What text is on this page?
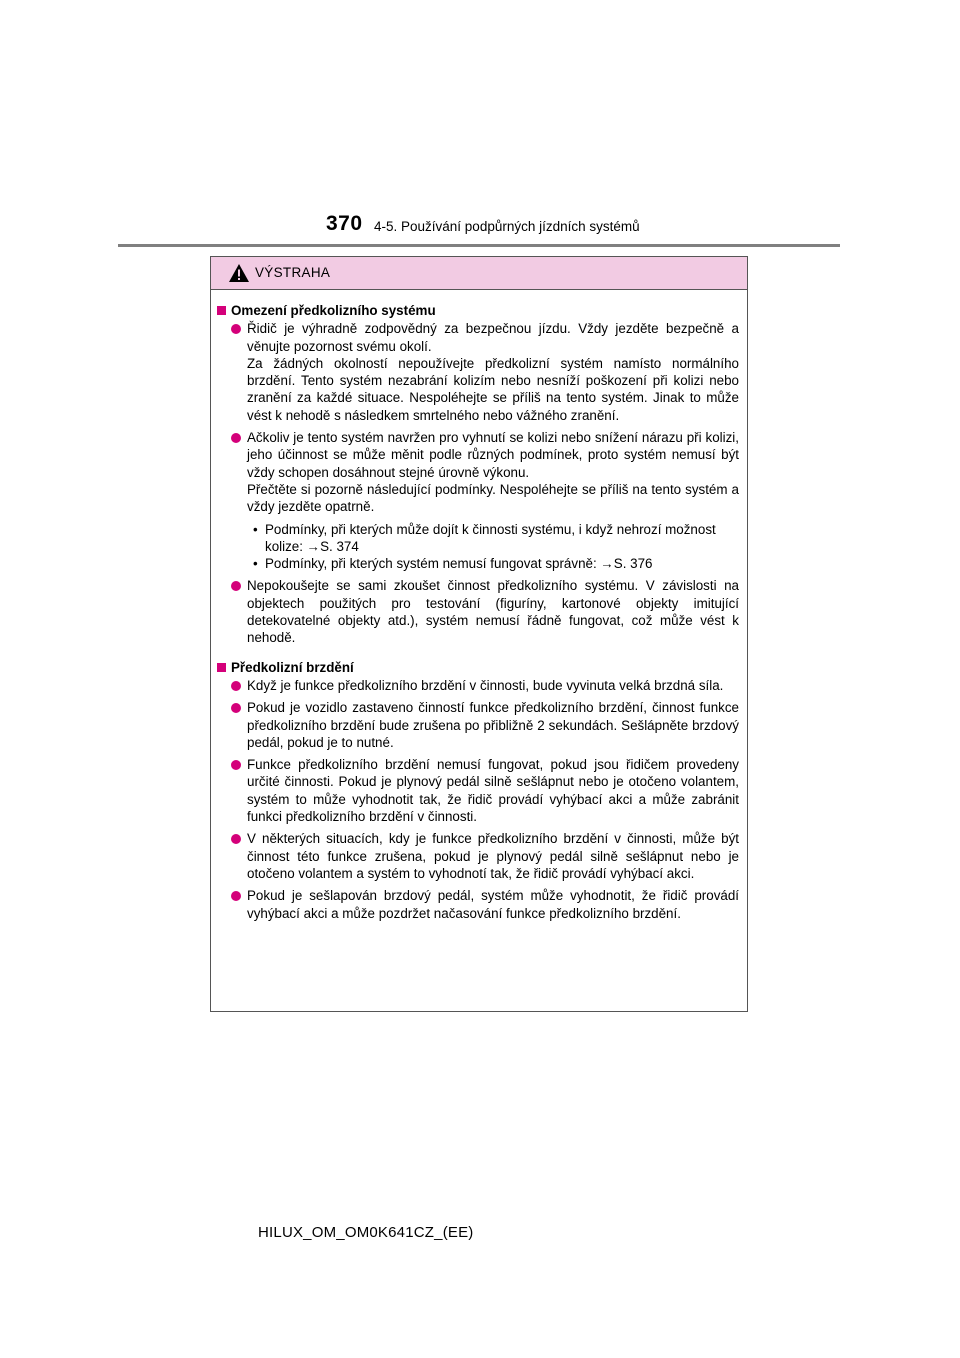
370 4-5. Používání podpůrných jízdních systémů
VÝSTRAHA
Omezení předkolizního systému

Řidič je výhradně zodpovědný za bezpečnou jízdu. Vždy jezděte bezpečně a věnujte pozornost svému okolí.

Za žádných okolností nepoužívejte předkolizní systém namísto normálního brzdění. Tento systém nezabrání kolizím nebo nesníží poškození při kolizi nebo zranění za každé situace. Nespoléhejte se příliš na tento systém. Jinak to může vést k nehodě s následkem smrtelného nebo vážného zranění.

Ačkoliv je tento systém navržen pro vyhnutí se kolizi nebo snížení nárazu při kolizi, jeho účinnost se může měnit podle různých podmínek, proto systém nemusí být vždy schopen dosáhnout stejné úrovně výkonu.

Přečtěte si pozorně následující podmínky. Nespoléhejte se příliš na tento systém a vždy jezděte opatrně.

• Podmínky, při kterých může dojít k činnosti systému, i když nehrozí možnost kolize: →S. 374
• Podmínky, při kterých systém nemusí fungovat správně: →S. 376

Nepokoušejte se sami zkoušet činnost předkolizního systému. V závislosti na objektech použitých pro testování (figuríny, kartonové objekty imitující detekovatelné objekty atd.), systém nemusí řádně fungovat, což může vést k nehodě.

Předkolizní brzdění

Když je funkce předkolizního brzdění v činnosti, bude vyvinuta velká brzdná síla.

Pokud je vozidlo zastaveno činností funkce předkolizního brzdění, činnost funkce předkolizního brzdění bude zrušena po přibližně 2 sekundách. Sešlápněte brzdový pedál, pokud je to nutné.

Funkce předkolizního brzdění nemusí fungovat, pokud jsou řidičem provedeny určité činnosti. Pokud je plynový pedál silně sešlápnut nebo je otočeno volantem, systém to může vyhodnotit tak, že řidič provádí vyhýbací akci a může zabránit funkci předkolizního brzdění v činnosti.

V některých situacích, kdy je funkce předkolizního brzdění v činnosti, může být činnost této funkce zrušena, pokud je plynový pedál silně sešlápnut nebo je otočeno volantem a systém to vyhodnotí tak, že řidič provádí vyhýbací akci.

Pokud je sešlapován brzdový pedál, systém může vyhodnotit, že řidič provádí vyhýbací akci a může pozdržet načasování funkce předkolizního brzdění.

HILUX_OM_OM0K641CZ_(EE)
